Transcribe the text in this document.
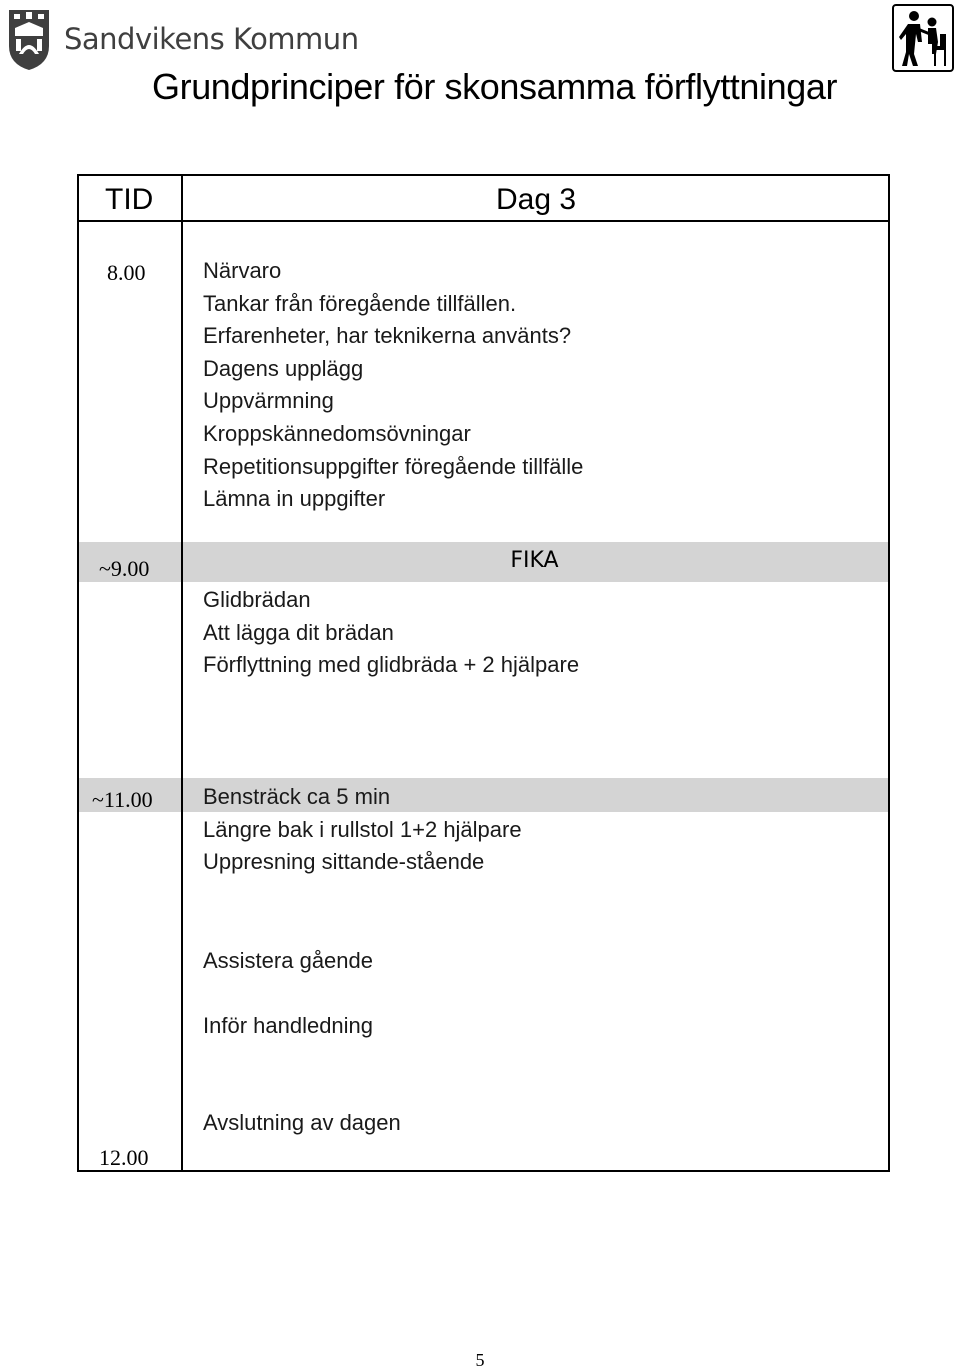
Sandvikens Kommun
Grundprinciper för skonsamma förflyttningar
TID	Dag 3
8.00	Närvaro
Tankar från föregående tillfällen.
Erfarenheter, har teknikerna använts?
Dagens upplägg
Uppvärmning
Kroppskännedomsövningar
Repetitionsuppgifter föregående tillfälle
Lämna in uppgifter
~9.00	FIKA
Glidbrädan
Att lägga dit brädan
Förflyttning med glidbräda + 2 hjälpare
~11.00 Bensträck ca 5 min
Längre bak i rullstol 1+2 hjälpare
Uppresning sittande-stående
Assistera gående
Inför handledning
Avslutning av dagen
12.00
5
